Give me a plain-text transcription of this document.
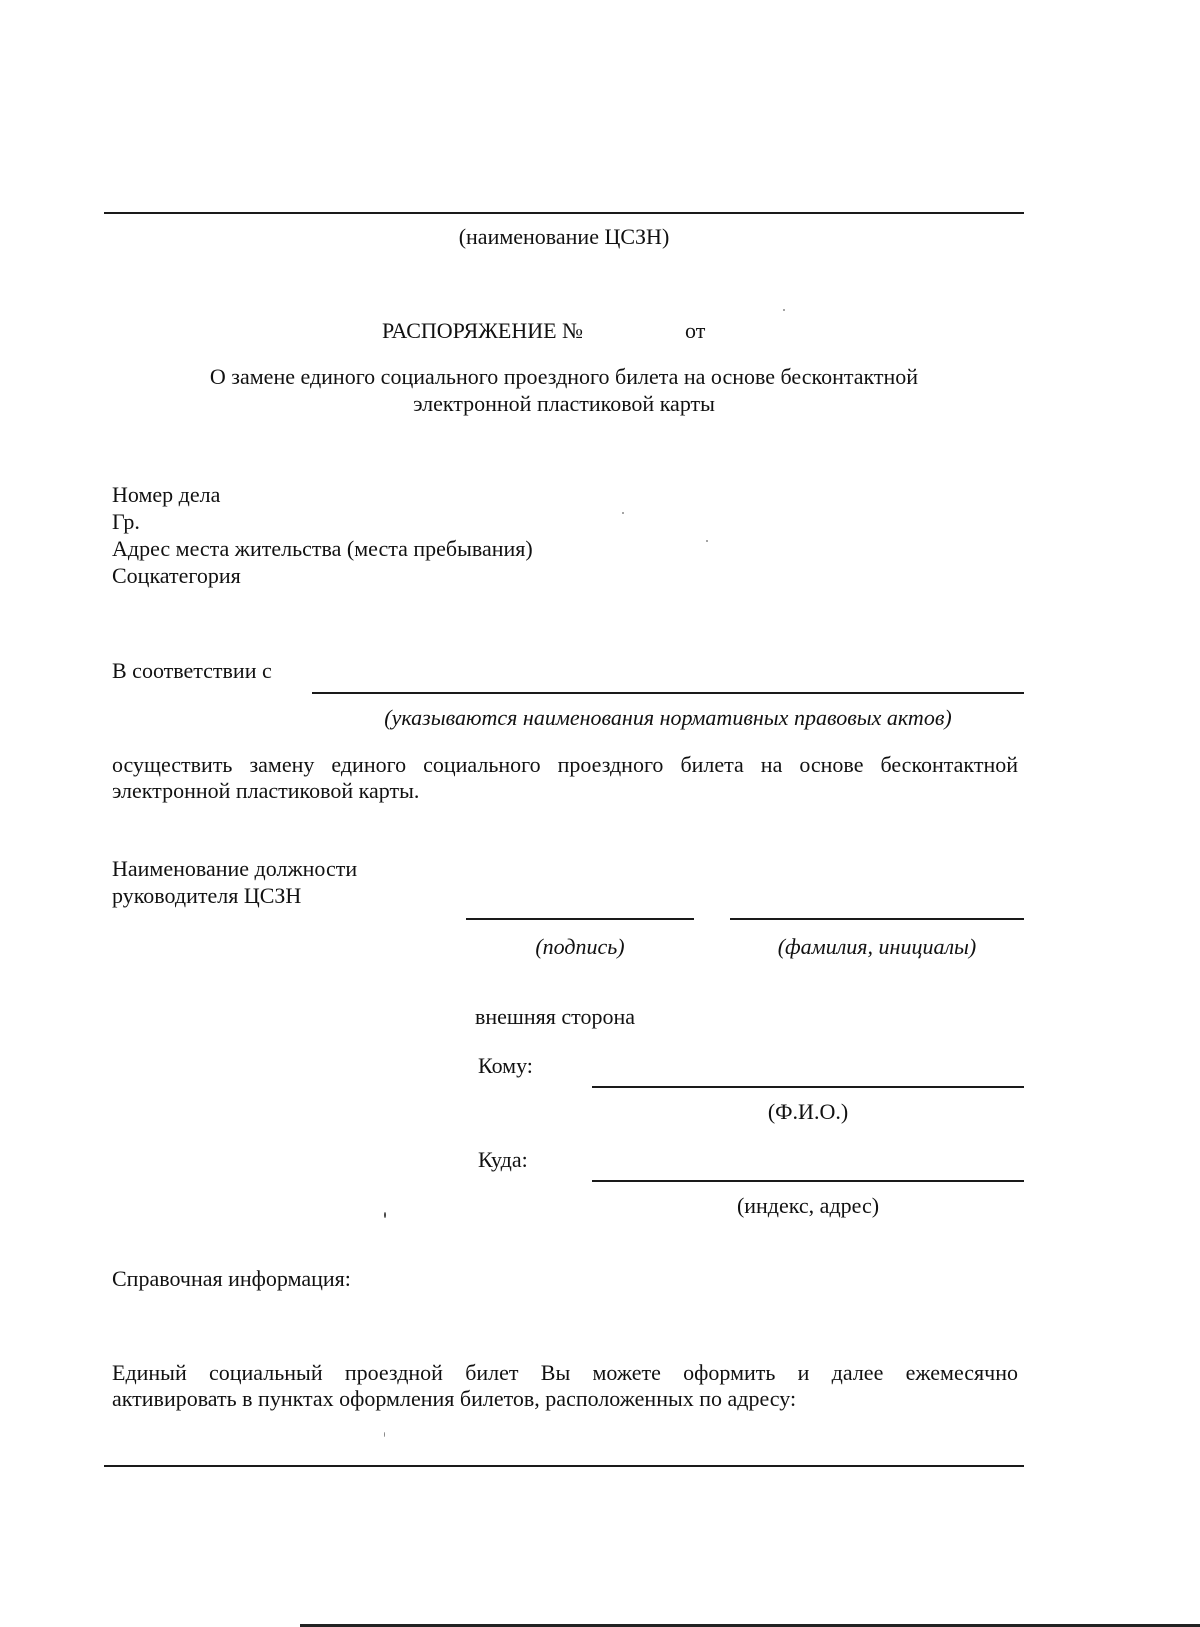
(наименование ЦСЗН)
РАСПОРЯЖЕНИЕ №	от
О замене единого социального проездного билета на основе бесконтактной
электронной пластиковой карты
Номер дела
Гр.
Адрес места жительства (места пребывания)
Соцкатегория
В соответствии с
(указываются наименования нормативных правовых актов)
осуществить замену единого социального проездного билета на основе бесконтактной
электронной пластиковой карты.
Наименование должности
руководителя ЦСЗН
(подпись)	(фамилия, инициалы)
внешняя сторона
Кому:
(Ф.И.О.)
Куда:
(индекс, адрес)
Справочная информация:
Единый социальный проездной билет Вы можете оформить и далее ежемесячно
активировать в пунктах оформления билетов, расположенных по адресу:
